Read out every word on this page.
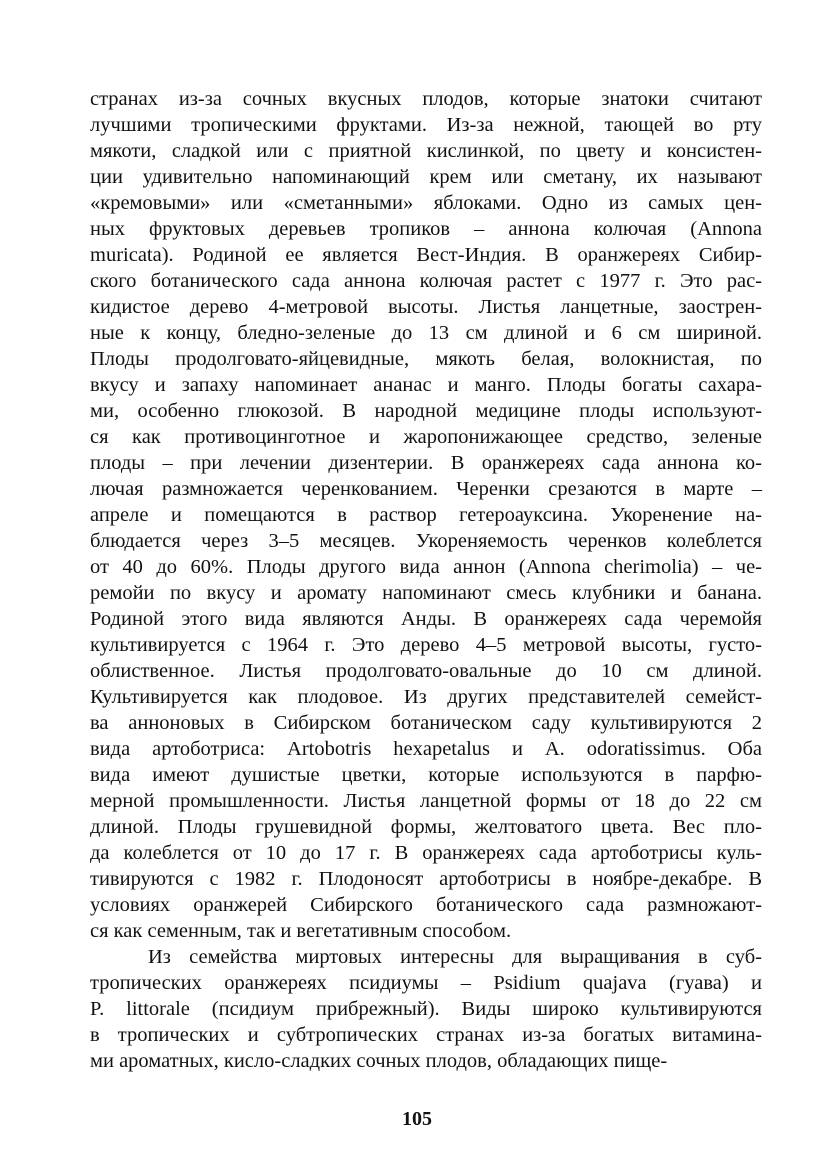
странах из-за сочных вкусных плодов, которые знатоки считают
лучшими тропическими фруктами. Из-за нежной, тающей во рту
мякоти, сладкой или с приятной кислинкой, по цвету и консистен-
ции удивительно напоминающий крем или сметану, их называют
«кремовыми» или «сметанными» яблоками. Одно из самых цен-
ных фруктовых деревьев тропиков – аннона колючая (Annona
muricata). Родиной ее является Вест-Индия. В оранжереях Сибир-
ского ботанического сада аннона колючая растет с 1977 г. Это рас-
кидистое дерево 4-метровой высоты. Листья ланцетные, заострен-
ные к концу, бледно-зеленые до 13 см длиной и 6 см шириной.
Плоды продолговато-яйцевидные, мякоть белая, волокнистая, по
вкусу и запаху напоминает ананас и манго. Плоды богаты сахара-
ми, особенно глюкозой. В народной медицине плоды используют-
ся как противоцинготное и жаропонижающее средство, зеленые
плоды – при лечении дизентерии. В оранжереях сада аннона ко-
лючая размножается черенкованием. Черенки срезаются в марте –
апреле и помещаются в раствор гетероауксина. Укоренение на-
блюдается через 3–5 месяцев. Укореняемость черенков колеблется
от 40 до 60%. Плоды другого вида аннон (Annona cherimolia) – че-
ремойи по вкусу и аромату напоминают смесь клубники и банана.
Родиной этого вида являются Анды. В оранжереях сада черемойя
культивируется с 1964 г. Это дерево 4–5 метровой высоты, густо-
облиственное. Листья продолговато-овальные до 10 см длиной.
Культивируется как плодовое. Из других представителей семейст-
ва анноновых в Сибирском ботаническом саду культивируются 2
вида артоботриса: Artobotris hexapetalus и A. odoratissimus. Оба
вида имеют душистые цветки, которые используются в парфю-
мерной промышленности. Листья ланцетной формы от 18 до 22 см
длиной. Плоды грушевидной формы, желтоватого цвета. Вес пло-
да колеблется от 10 до 17 г. В оранжереях сада артоботрисы куль-
тивируются с 1982 г. Плодоносят артоботрисы в ноябре-декабре. В
условиях оранжерей Сибирского ботанического сада размножают-
ся как семенным, так и вегетативным способом.
Из семейства миртовых интересны для выращивания в суб-
тропических оранжереях псидиумы – Psidium quajava (гуава) и
P. littorale (псидиум прибрежный). Виды широко культивируются
в тропических и субтропических странах из-за богатых витамина-
ми ароматных, кисло-сладких сочных плодов, обладающих пище-
105
